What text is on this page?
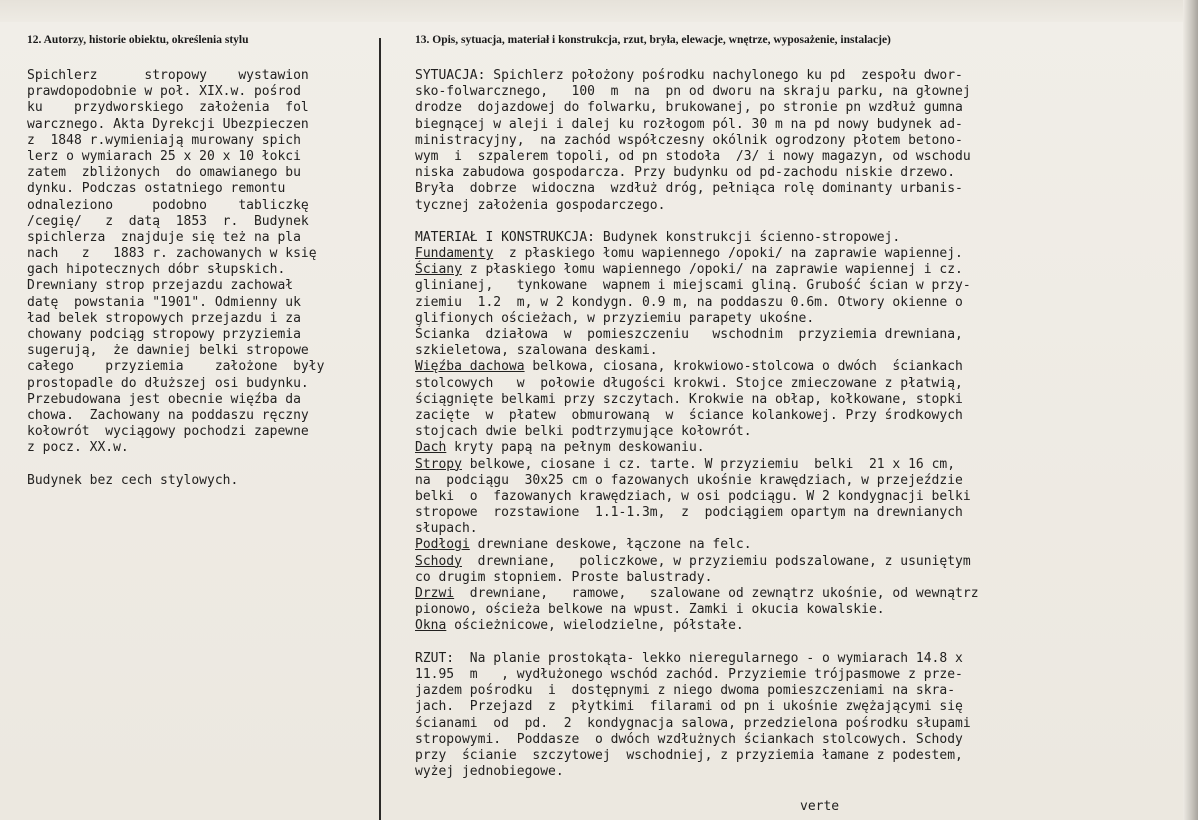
12. Autorzy, historie obiektu, określenia stylu	13. Opis, sytuacja, materiał i konstrukcja, rzut, bryła, elewacje, wnętrze, wyposażenie, instalacje)
Spichlerz      stropowy    wystawion
prawdopodobnie w poł. XIX.w. pośrod
ku    przydworskiego  założenia  fol
warcznego. Akta Dyrekcji Ubezpieczen
z  1848 r.wymieniają murowany spich
lerz o wymiarach 25 x 20 x 10 łokci
zatem  zbliżonych  do omawianego bu
dynku. Podczas ostatniego remontu
odnaleziono     podobno    tabliczkę
/cegię/   z  datą  1853  r.  Budynek
spichlerza  znajduje się też na pla
nach   z   1883 r. zachowanych w księ
gach hipotecznych dóbr słupskich.
Drewniany strop przejazdu zachował
datę  powstania "1901". Odmienny uk
ład belek stropowych przejazdu i za
chowany podciąg stropowy przyziemia
sugerują,  że dawniej belki stropowe
całego    przyziemia    założone  były
prostopadle do dłuższej osi budynku.
Przebudowana jest obecnie więźba da
chowa.  Zachowany na poddaszu ręczny
kołowrót  wyciągowy pochodzi zapewne
z pocz. XX.w.
Budynek bez cech stylowych.
SYTUACJA: Spichlerz położony pośrodku nachylonego ku pd  zespołu dwor-
sko-folwarcznego,   100  m  na  pn od dworu na skraju parku, na głownej
drodze  dojazdowej do folwarku, brukowanej, po stronie pn wzdłuż gumna
biegnącej w aleji i dalej ku rozłogom pól. 30 m na pd nowy budynek ad-
ministracyjny,  na zachód współczesny okólnik ogrodzony płotem betono-
wym  i  szpalerem topoli, od pn stodoła  /3/ i nowy magazyn, od wschodu
niska zabudowa gospodarcza. Przy budynku od pd-zachodu niskie drzewo.
Bryła  dobrze  widoczna  wzdłuż dróg, pełniąca rolę dominanty urbanis-
tycznej założenia gospodarczego.
MATERIAŁ I KONSTRUKCJA: Budynek konstrukcji ścienno-stropowej.
Fundamenty  z płaskiego łomu wapiennego /opoki/ na zaprawie wapiennej.
Ściany z płaskiego łomu wapiennego /opoki/ na zaprawie wapiennej i cz.
glinianej,   tynkowane  wapnem i miejscami gliną. Grubość ścian w przy-
ziemiu  1.2  m, w 2 kondygn. 0.9 m, na poddaszu 0.6m. Otwory okienne o
glifionych ościeżach, w przyziemiu parapety ukośne.
Ścianka  działowa  w  pomieszczeniu   wschodnim  przyziemia drewniana,
szkieletowa, szalowana deskami.
Więźba dachowa belkowa, ciosana, krokwiowo-stolcowa o dwóch  ściankach
stolcowych   w  połowie długości krokwi. Stojce zmieczowane z płatwią,
ściągnięte belkami przy szczytach. Krokwie na obłap, kołkowane, stopki
zacięte  w  płatew  obmurowaną  w  ściance kolankowej. Przy środkowych
stojcach dwie belki podtrzymujące kołowrót.
Dach kryty papą na pełnym deskowaniu.
Stropy belkowe, ciosane i cz. tarte. W przyziemiu  belki  21 x 16 cm,
na  podciągu  30x25 cm o fazowanych ukośnie krawędziach, w przejeździe
belki  o  fazowanych krawędziach, w osi podciągu. W 2 kondygnacji belki
stropowe  rozstawione  1.1-1.3m,  z  podciągiem opartym na drewnianych
słupach.
Podłogi drewniane deskowe, łączone na felc.
Schody  drewniane,   policzkowe, w przyziemiu podszalowane, z usuniętym
co drugim stopniem. Proste balustrady.
Drzwi  drewniane,   ramowe,   szalowane od zewnątrz ukośnie, od wewnątrz
pionowo, ościeża belkowe na wpust. Zamki i okucia kowalskie.
Okna ościeżnicowe, wielodzielne, półstałe.
RZUT:  Na planie prostokąta- lekko nieregularnego - o wymiarach 14.8 x
11.95  m   , wydłużonego wschód zachód. Przyziemie trójpasmowe z prze-
jazdem pośrodku  i  dostępnymi z niego dwoma pomieszczeniami na skra-
jach.  Przejazd  z  płytkimi  filarami od pn i ukośnie zwężającymi się
ścianami  od  pd.  2  kondygnacja salowa, przedzielona pośrodku słupami
stropowymi.  Poddasze  o dwóch wzdłużnych ściankach stolcowych. Schody
przy  ścianie  szczytowej  wschodniej, z przyziemia łamane z podestem,
wyżej jednobiegowe.
verte
